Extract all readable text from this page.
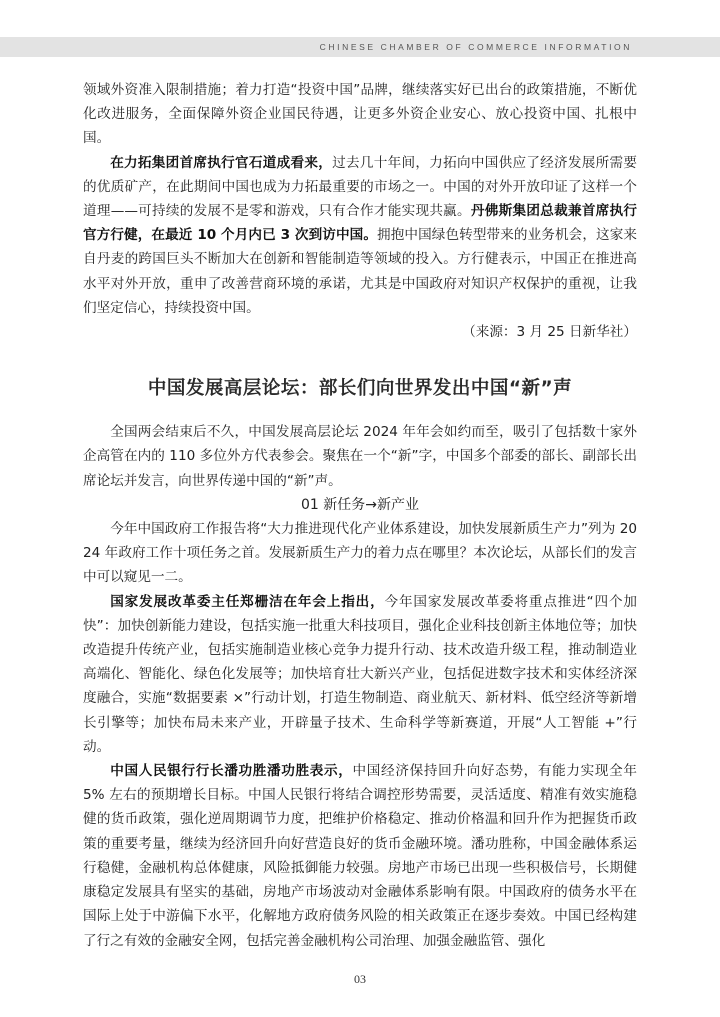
CHINESE CHAMBER OF COMMERCE INFORMATION

领域外资准入限制措施；着力打造“投资中国”品牌，继续落实好已出台的政策措施，不断优化改进服务，全面保障外资企业国民待遇，让更多外资企业安心、放心投资中国、扎根中国。

在力拓集团首席执行官石道成看来，过去几十年间，力拓向中国供应了经济发展所需要的优质矿产，在此期间中国也成为力拓最重要的市场之一。中国的对外开放印证了这样一个道理——可持续的发展不是零和游戏，只有合作才能实现共赢。丹佛斯集团总裁兼首席执行官方行健，在最近 10 个月内已 3 次到访中国。拥抱中国绿色转型带来的业务机会，这家来自丹麦的跨国巨头不断加大在创新和智能制造等领域的投入。方行健表示，中国正在推进高水平对外开放，重申了改善营商环境的承诺，尤其是中国政府对知识产权保护的重视，让我们坚定信心，持续投资中国。
（来源：3 月 25 日新华社）

中国发展高层论坛：部长们向世界发出中国“新”声

全国两会结束后不久，中国发展高层论坛 2024 年年会如约而至，吸引了包括数十家外企高管在内的 110 多位外方代表参会。聚焦在一个“新”字，中国多个部委的部长、副部长出席论坛并发言，向世界传递中国的“新”声。

01 新任务→新产业

今年中国政府工作报告将“大力推进现代化产业体系建设，加快发展新质生产力”列为 2024 年政府工作十项任务之首。发展新质生产力的着力点在哪里？本次论坛，从部长们的发言中可以窥见一二。

国家发展改革委主任郑栅洁在年会上指出，今年国家发展改革委将重点推进“四个加快”：加快创新能力建设，包括实施一批重大科技项目，强化企业科技创新主体地位等；加快改造提升传统产业，包括实施制造业核心竞争力提升行动、技术改造升级工程，推动制造业高端化、智能化、绿色化发展等；加快培育壮大新兴产业，包括促进数字技术和实体经济深度融合，实施“数据要素 ×”行动计划，打造生物制造、商业航天、新材料、低空经济等新增长引擎等；加快布局未来产业，开辟量子技术、生命科学等新赛道，开展“人工智能 +”行动。

中国人民银行行长潘功胜潘功胜表示，中国经济保持回升向好态势，有能力实现全年 5% 左右的预期增长目标。中国人民银行将结合调控形势需要，灵活适度、精准有效实施稳健的货币政策，强化逆周期调节力度，把维护价格稳定、推动价格温和回升作为把握货币政策的重要考量，继续为经济回升向好营造良好的货币金融环境。潘功胜称，中国金融体系运行稳健，金融机构总体健康，风险抵御能力较强。房地产市场已出现一些积极信号，长期健康稳定发展具有坚实的基础，房地产市场波动对金融体系影响有限。中国政府的债务水平在国际上处于中游偏下水平，化解地方政府债务风险的相关政策正在逐步奏效。中国已经构建了行之有效的金融安全网，包括完善金融机构公司治理、加强金融监管、强化

03
